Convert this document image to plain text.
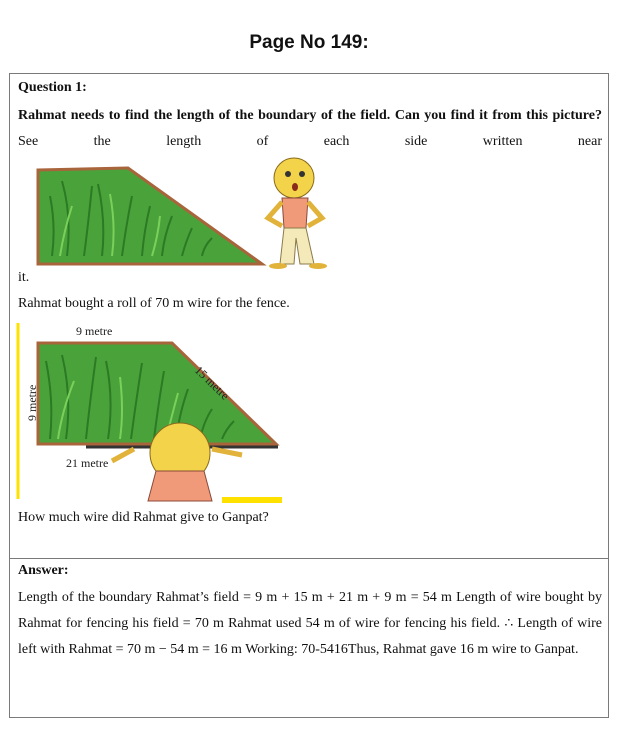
Page No 149:
Question 1:
Rahmat needs to find the length of the boundary of the field. Can you find it from this picture? See the length of each side written near
it.
Rahmat bought a roll of 70 m wire for the fence.
9 metre
9 metre
15 metre
21 metre
How much wire did Rahmat give to Ganpat?
Answer:
Length of the boundary Rahmat’s field = 9 m + 15 m + 21 m + 9 m = 54 m Length of wire bought by Rahmat for fencing his field = 70 m Rahmat used 54 m of wire for fencing his field. ∴ Length of wire left with Rahmat = 70 m − 54 m = 16 m Working: 70-5416Thus, Rahmat gave 16 m wire to Ganpat.
